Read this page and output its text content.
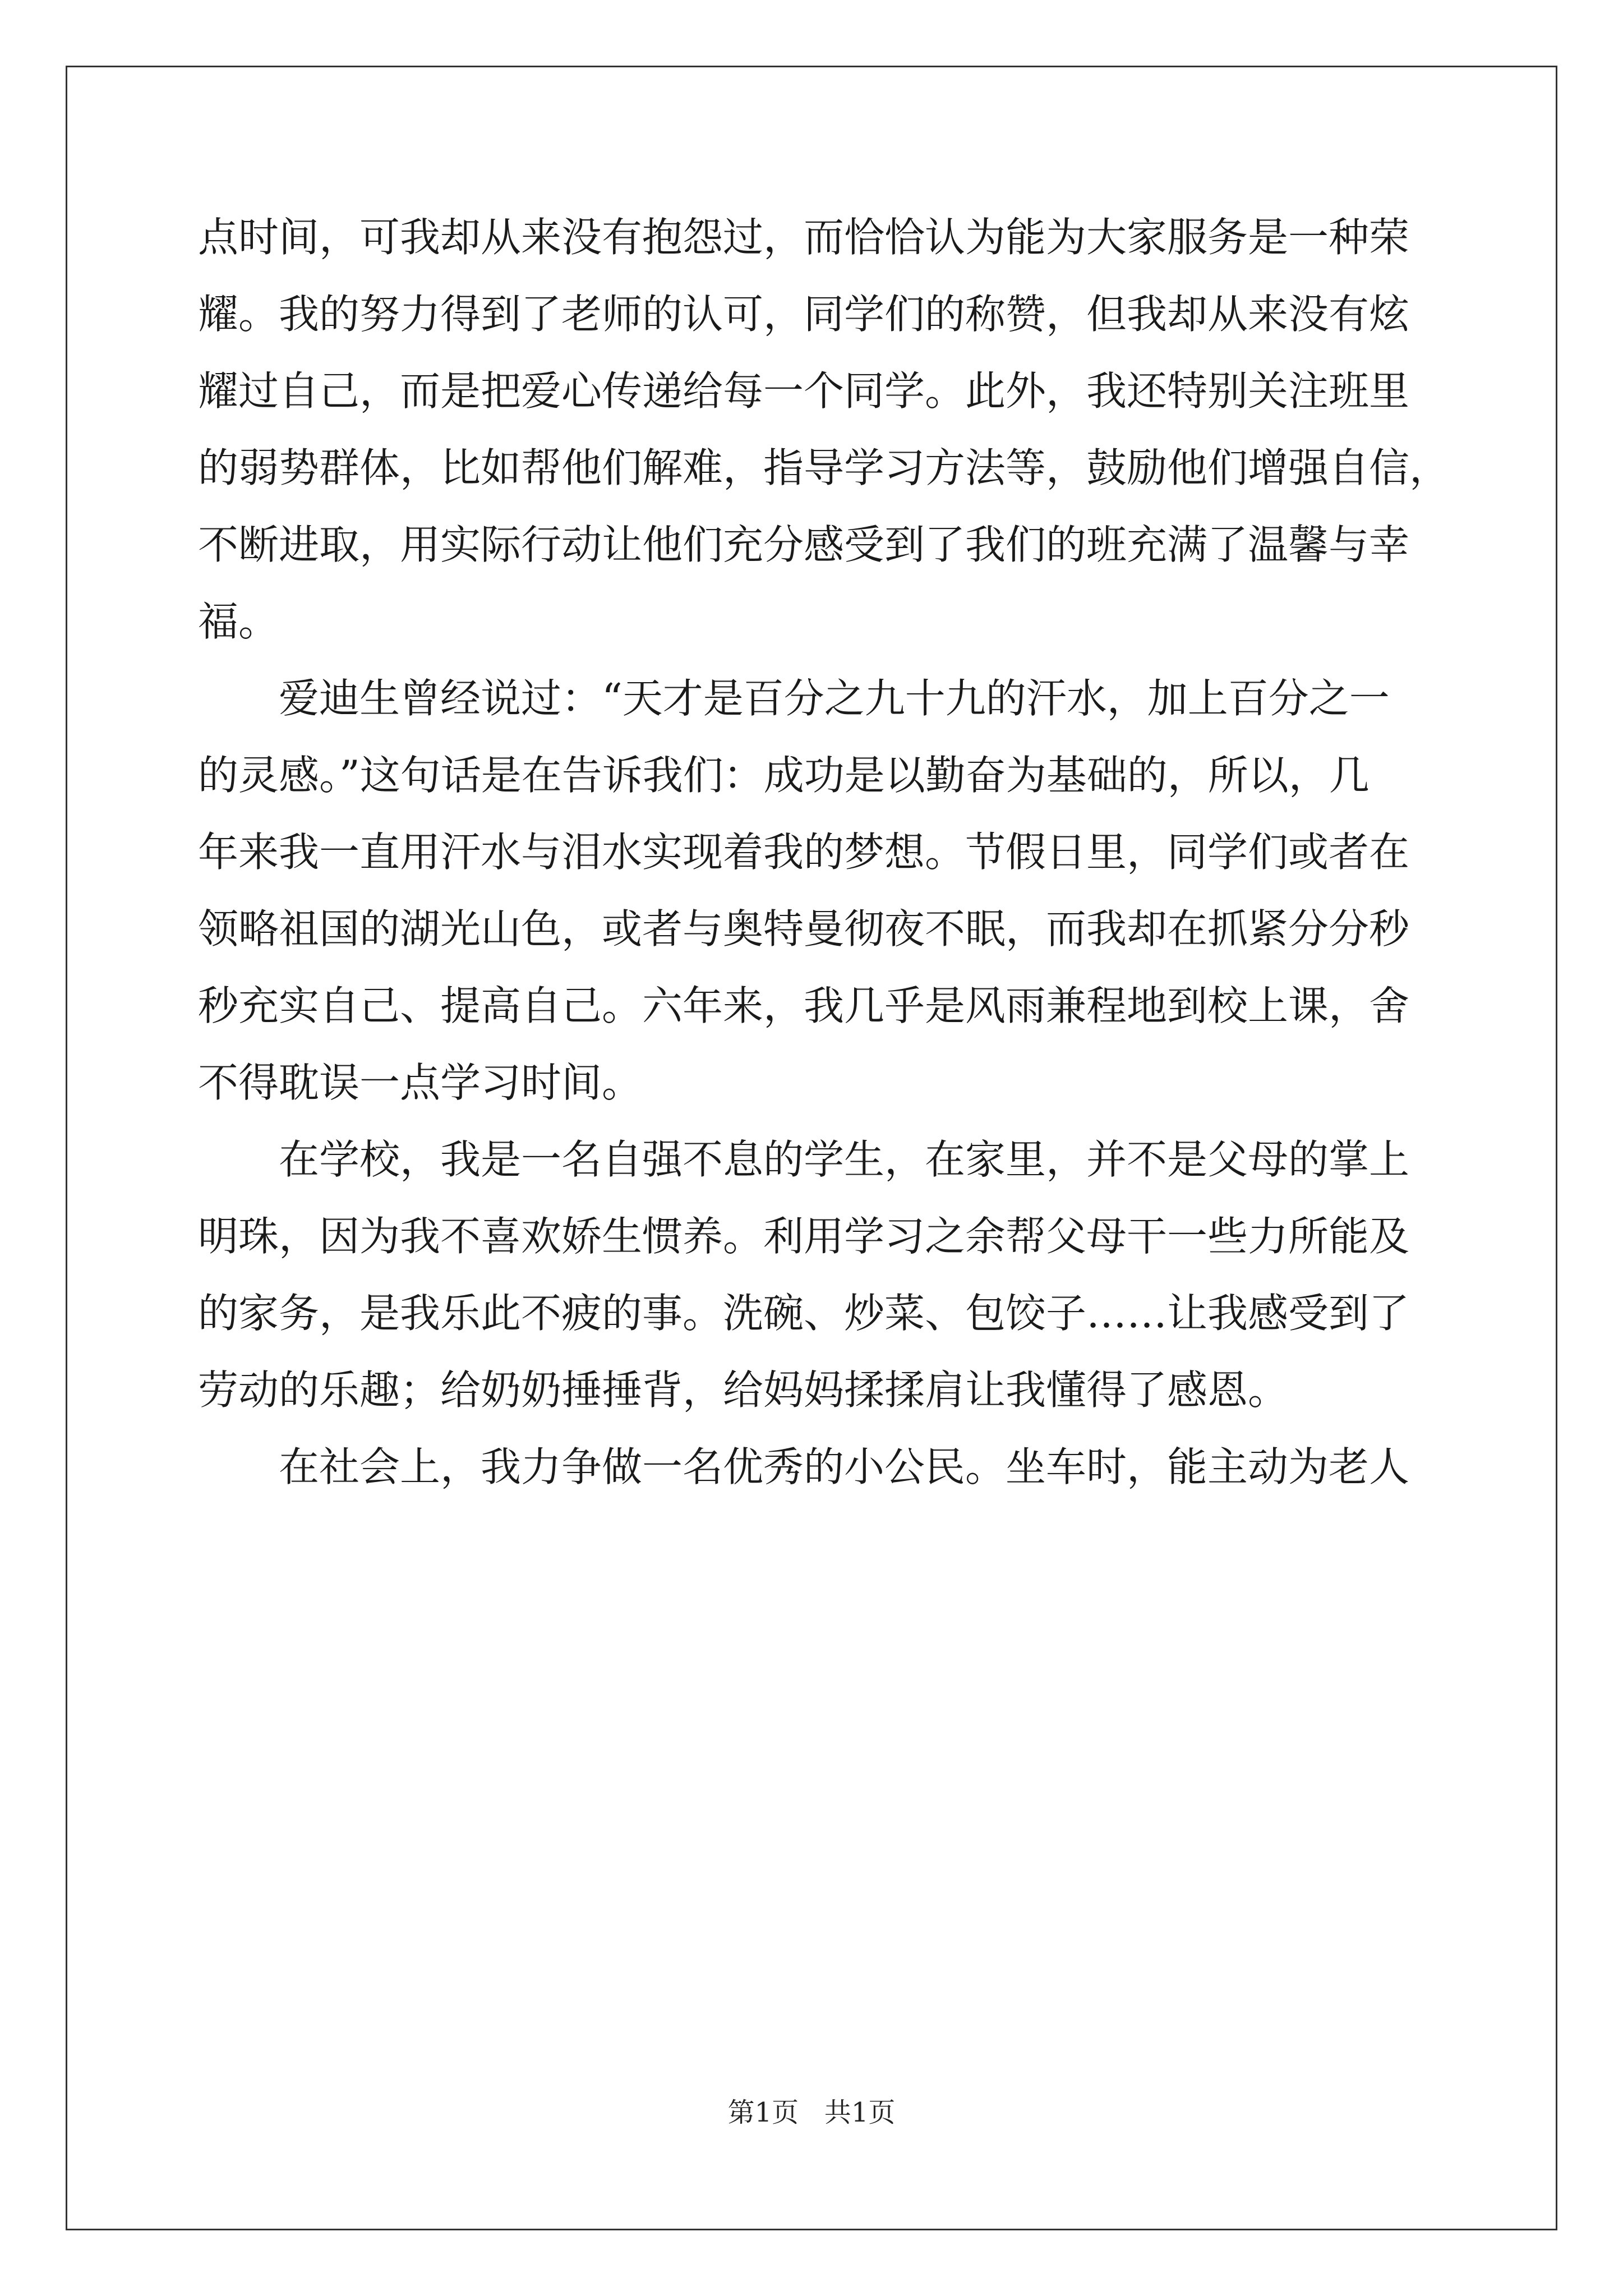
点时间，可我却从来没有抱怨过，而恰恰认为能为大家服务是一种荣
耀。我的努力得到了老师的认可，同学们的称赞，但我却从来没有炫
耀过自己，而是把爱心传递给每一个同学。此外，我还特别关注班里
的弱势群体，比如帮他们解难，指导学习方法等，鼓励他们增强自信，
不断进取，用实际行动让他们充分感受到了我们的班充满了温馨与幸
福。
爱迪生曾经说过：“天才是百分之九十九的汗水，加上百分之一
的灵感。”这句话是在告诉我们：成功是以勤奋为基础的，所以，几
年来我一直用汗水与泪水实现着我的梦想。节假日里，同学们或者在
领略祖国的湖光山色，或者与奥特曼彻夜不眠，而我却在抓紧分分秒
秒充实自己、提高自己。六年来，我几乎是风雨兼程地到校上课，舍
不得耽误一点学习时间。
在学校，我是一名自强不息的学生，在家里，并不是父母的掌上
明珠，因为我不喜欢娇生惯养。利用学习之余帮父母干一些力所能及
的家务，是我乐此不疲的事。洗碗、炒菜、包饺子……让我感受到了
劳动的乐趣；给奶奶捶捶背，给妈妈揉揉肩让我懂得了感恩。
在社会上，我力争做一名优秀的小公民。坐车时，能主动为老人
第1页 共1页
